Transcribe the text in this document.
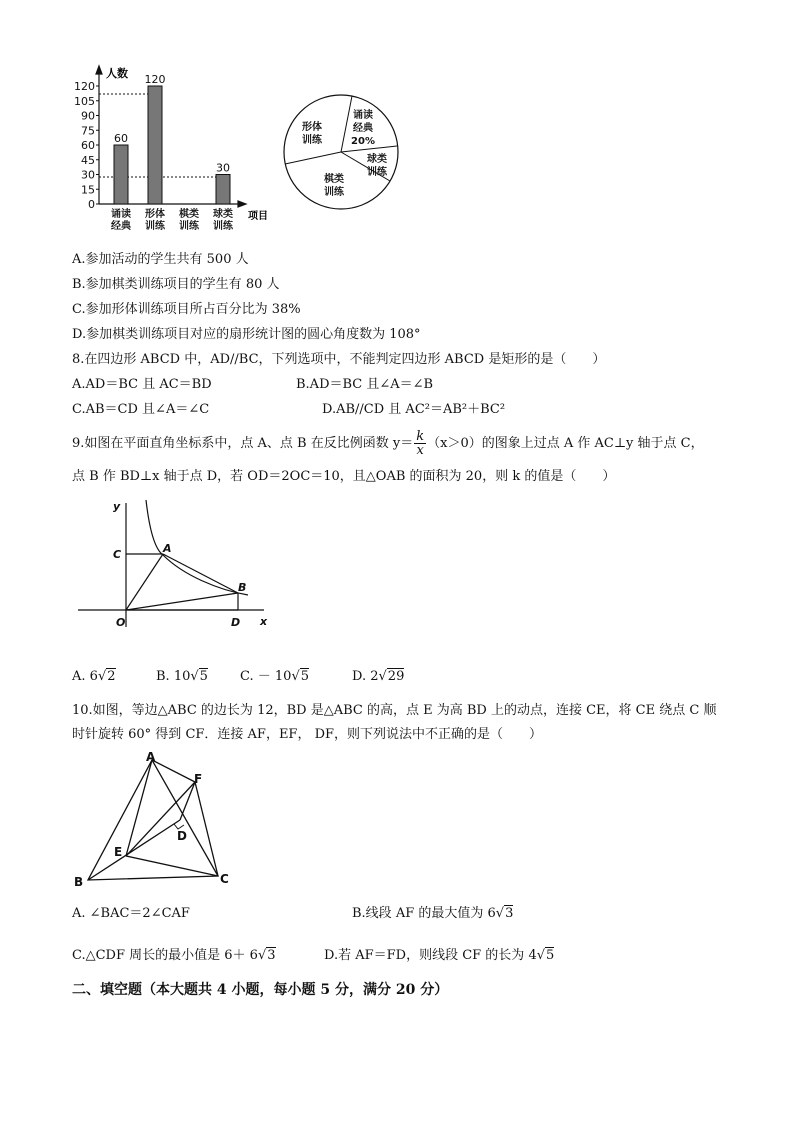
120
105
90
75
60
45
30
15
0
60
120
30
诵读
经典
形体
训练
棋类
训练
球类
训练
人数
项目
形体
训练
诵读
经典
20%
球类
训练
棋类
训练
A.参加活动的学生共有 500 人
B.参加棋类训练项目的学生有 80 人
C.参加形体训练项目所占百分比为 38%
D.参加棋类训练项目对应的扇形统计图的圆心角度数为 108°
8.在四边形 ABCD 中，AD//BC，下列选项中，不能判定四边形 ABCD 是矩形的是（　　）
A.AD＝BC 且 AC＝BD	B.AD＝BC 且∠A＝∠B
C.AB＝CD 且∠A＝∠C	D.AB//CD 且 AC²＝AB²＋BC²
9.如图在平面直角坐标系中，点 A、点 B 在反比例函数 $y= \frac{k}{x} (x>0)$的图象上过点 A 作 AC⊥y 轴于点 C，
点 B 作 BD⊥x 轴于点 D，若 OD＝2OC＝10，且△OAB 的面积为 20，则 k 的值是（　　）
y
x
C	A
B
O	D
A. 6√2	B. 10√5 C. － 10√5	D. 2√29
10.如图，等边△ABC 的边长为 12，BD 是△ABC 的高，点 E 为高 BD 上的动点，连接 CE，将 CE 绕点 C 顺
时针旋转 60° 得到 CF．连接 AF，EF， DF，则下列说法中不正确的是（　　）
A
F
D
E
B	C
A. ∠BAC＝2∠CAF	B.线段 AF 的最大值为 6√3
C.△CDF 周长的最小值是 6＋ 6√3	D.若 AF＝FD，则线段 CF 的长为 4√5
二、填空题（本大题共 4 小题，每小题 5 分，满分 20 分）
